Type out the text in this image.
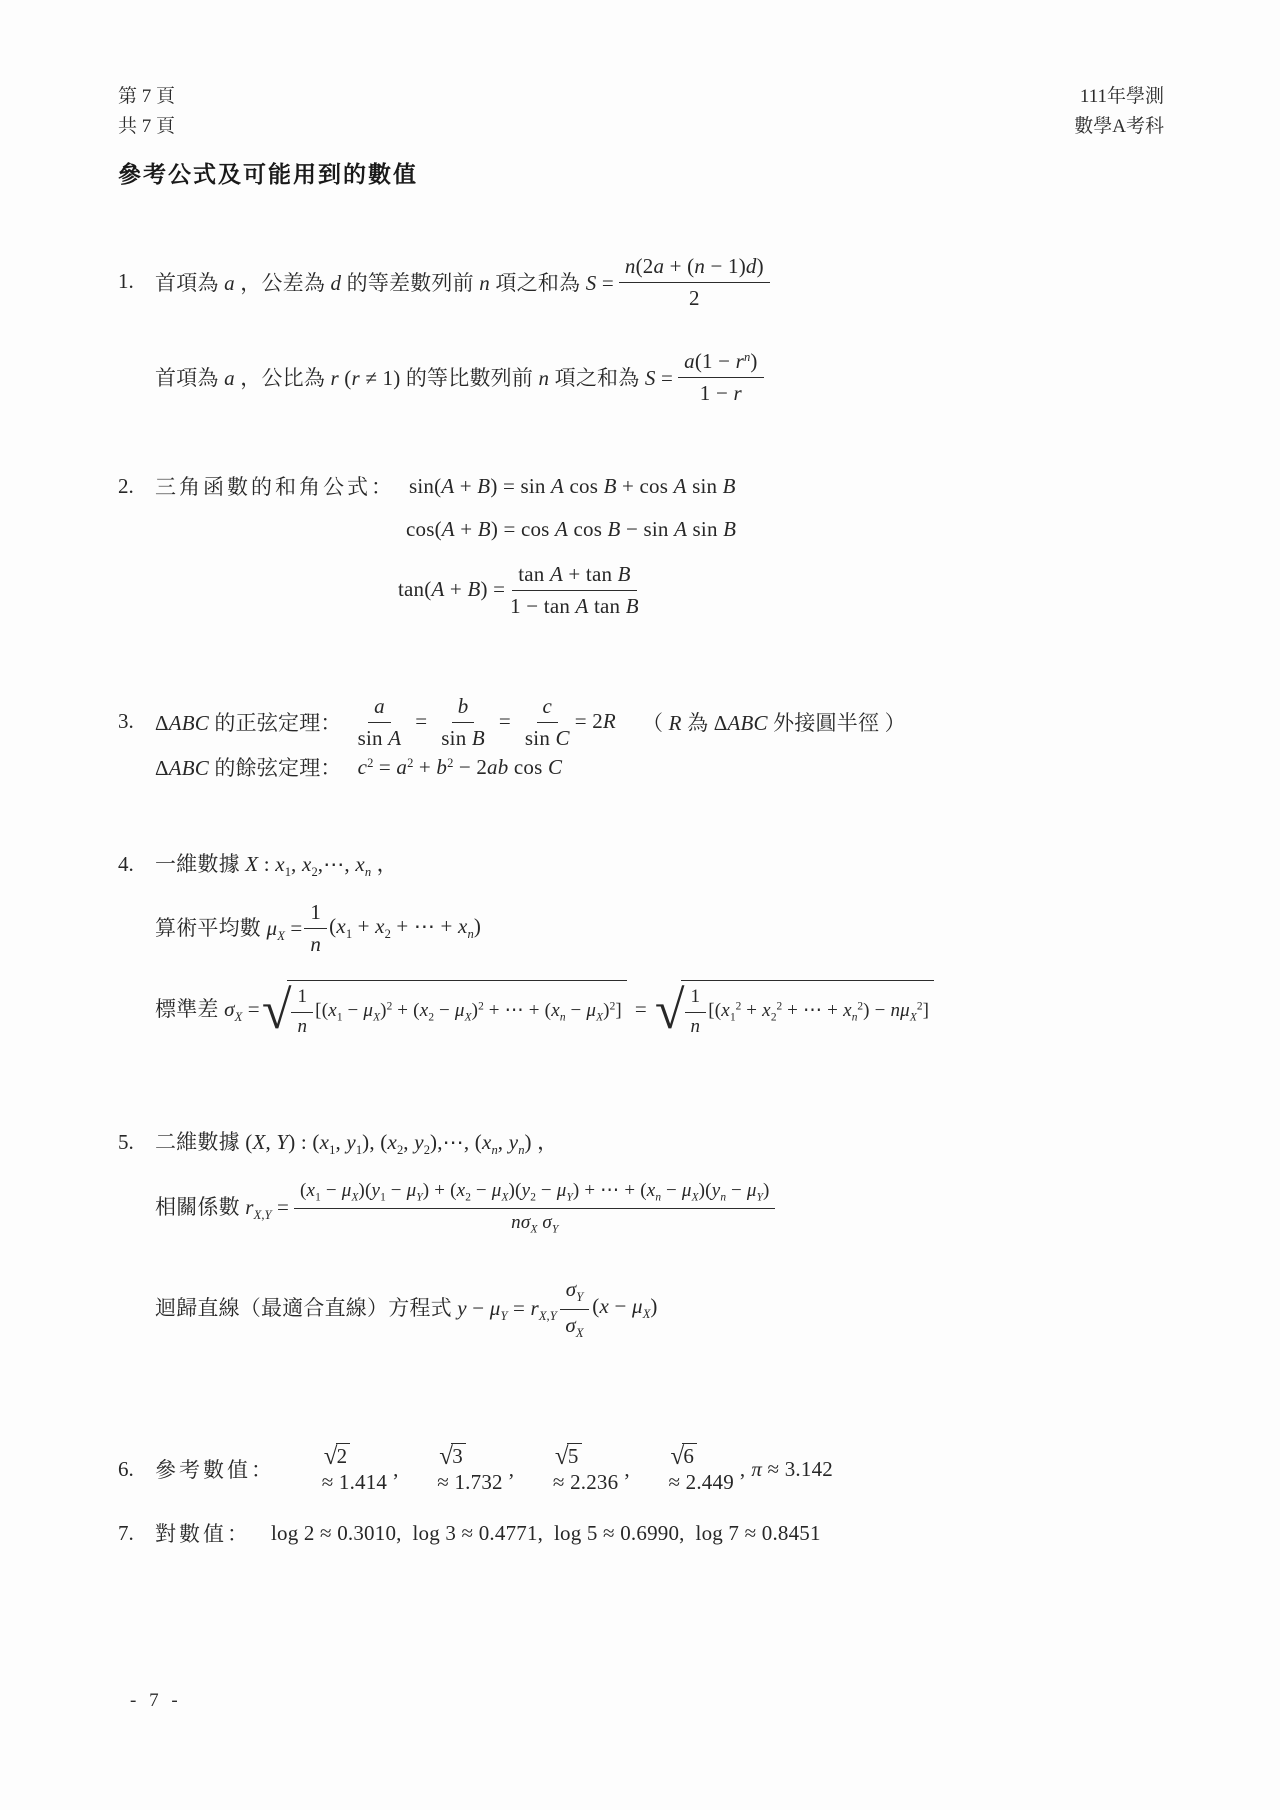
第 7 頁
共 7 頁
111年學測
數學A考科
參考公式及可能用到的數值
1.	首項為 a ，公差為 d 的等差數列前 n 項之和為 $S = \frac{n(2a + (n - 1)d)}{2}$
首項為 a ，公比為 r (r ≠ 1) 的等比數列前 n 項之和為 $S = \frac{a(1 - r^n)}{1 - r}$
2.	三角函數的和角公式： sin(A + B) = sin A cos B + cos A sin B
cos(A + B) = cos A cos B − sin A sin B
$\tan(A + B) = \frac{\text{tan A + tan B}}{\text{1 − tan A tan B}}$
3.	ΔABC 的正弦定理： $\frac{a}{\text{sin A}} = \frac{b}{\text{sin B}} = \frac{c}{\text{sin C}} = 2R$ （ R 為 ΔABC 外接圓半徑 ）
ΔABC 的餘弦定理： $c^2 = a^2 + b^2 - 2ab$ cos C
4.	一維數據 X : $x_1$, $x_2,\cdots$, $x_n$ ，
算術平均數 $\mu_X = \frac{1}{n} (x_1 + x_2$ + ⋯ + $x_n$)
標準差 $\sigma_X$ = √ $\frac{1}{n} [(x_1 - \mu_X)^2 + (x_2 - \mu_X)^2$ + ⋯ + $(x_n - \mu_X)^2$] = √ $\frac{1}{n} [(x_1^2 + x_2^2$ + ⋯ + $x_n^2) - n\mu_X^2$]
5.	二維數據 (X, Y) : ($x_1$, $y_1$), ($x_2$, $y_2),\cdots$, ($x_n$, $y_n$) ，
相關係數 $r_{X,Y}$ =
$(x_1 - \mu_X)(y_1 - \mu_Y) + (x_2 - \mu_X)(y_2 - \mu_Y)$ + ⋯ + $(x_n - \mu_X)(y_n - \mu_Y)$
$n\sigma_X$ $\sigma_Y$
迴歸直線（最適合直線）方程式 $y - \mu_Y = r_{X,Y} \frac{\sigma_Y}{\sigma_X} (x - \mu_X)$
6.	參考數值：

√ 2

≈ 1.414

,

√ 3

≈ 1.732

,

√ 5

≈ 2.236

,

√ 6

≈ 2.449

, π ≈ 3.142
7.	對數值： log 2 ≈ 0.3010,  log 3 ≈ 0.4771,  log 5 ≈ 0.6990,  log 7 ≈ 0.8451
- 7 -
